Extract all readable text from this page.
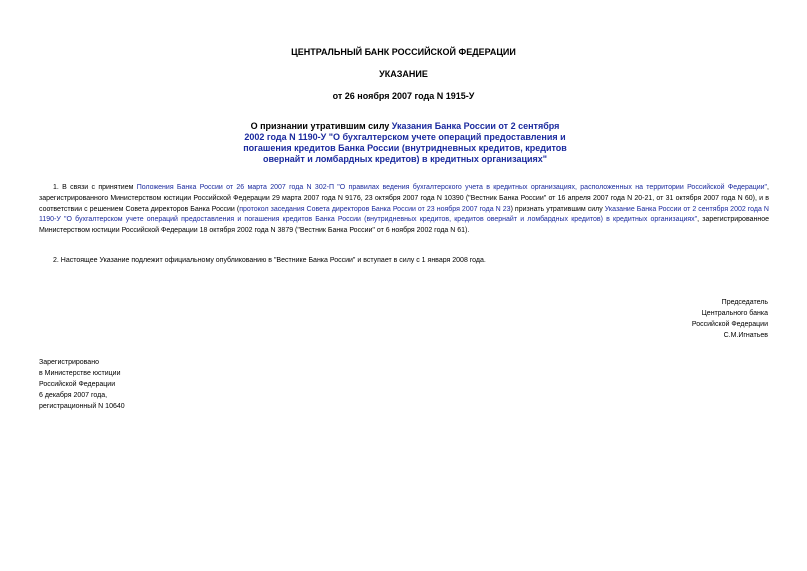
ЦЕНТРАЛЬНЫЙ БАНК РОССИЙСКОЙ ФЕДЕРАЦИИ
УКАЗАНИЕ
от 26 ноября 2007 года N 1915-У
О признании утратившим силу Указания Банка России от 2 сентября 2002 года N 1190-У "О бухгалтерском учете операций предоставления и погашения кредитов Банка России (внутридневных кредитов, кредитов овернайт и ломбардных кредитов) в кредитных организациях"
1. В связи с принятием Положения Банка России от 26 марта 2007 года N 302-П "О правилах ведения бухгалтерского учета в кредитных организациях, расположенных на территории Российской Федерации", зарегистрированного Министерством юстиции Российской Федерации 29 марта 2007 года N 9176, 23 октября 2007 года N 10390 ("Вестник Банка России" от 16 апреля 2007 года N 20-21, от 31 октября 2007 года N 60), и в соответствии с решением Совета директоров Банка России (протокол заседания Совета директоров Банка России от 23 ноября 2007 года N 23) признать утратившим силу Указание Банка России от 2 сентября 2002 года N 1190-У "О бухгалтерском учете операций предоставления и погашения кредитов Банка России (внутридневных кредитов, кредитов овернайт и ломбардных кредитов) в кредитных организациях", зарегистрированное Министерством юстиции Российской Федерации 18 октября 2002 года N 3879 ("Вестник Банка России" от 6 ноября 2002 года N 61).
2. Настоящее Указание подлежит официальному опубликованию в "Вестнике Банка России" и вступает в силу с 1 января 2008 года.
Председатель
Центрального банка
Российской Федерации
С.М.Игнатьев
Зарегистрировано
в Министерстве юстиции
Российской Федерации
6 декабря 2007 года,
регистрационный N 10640
